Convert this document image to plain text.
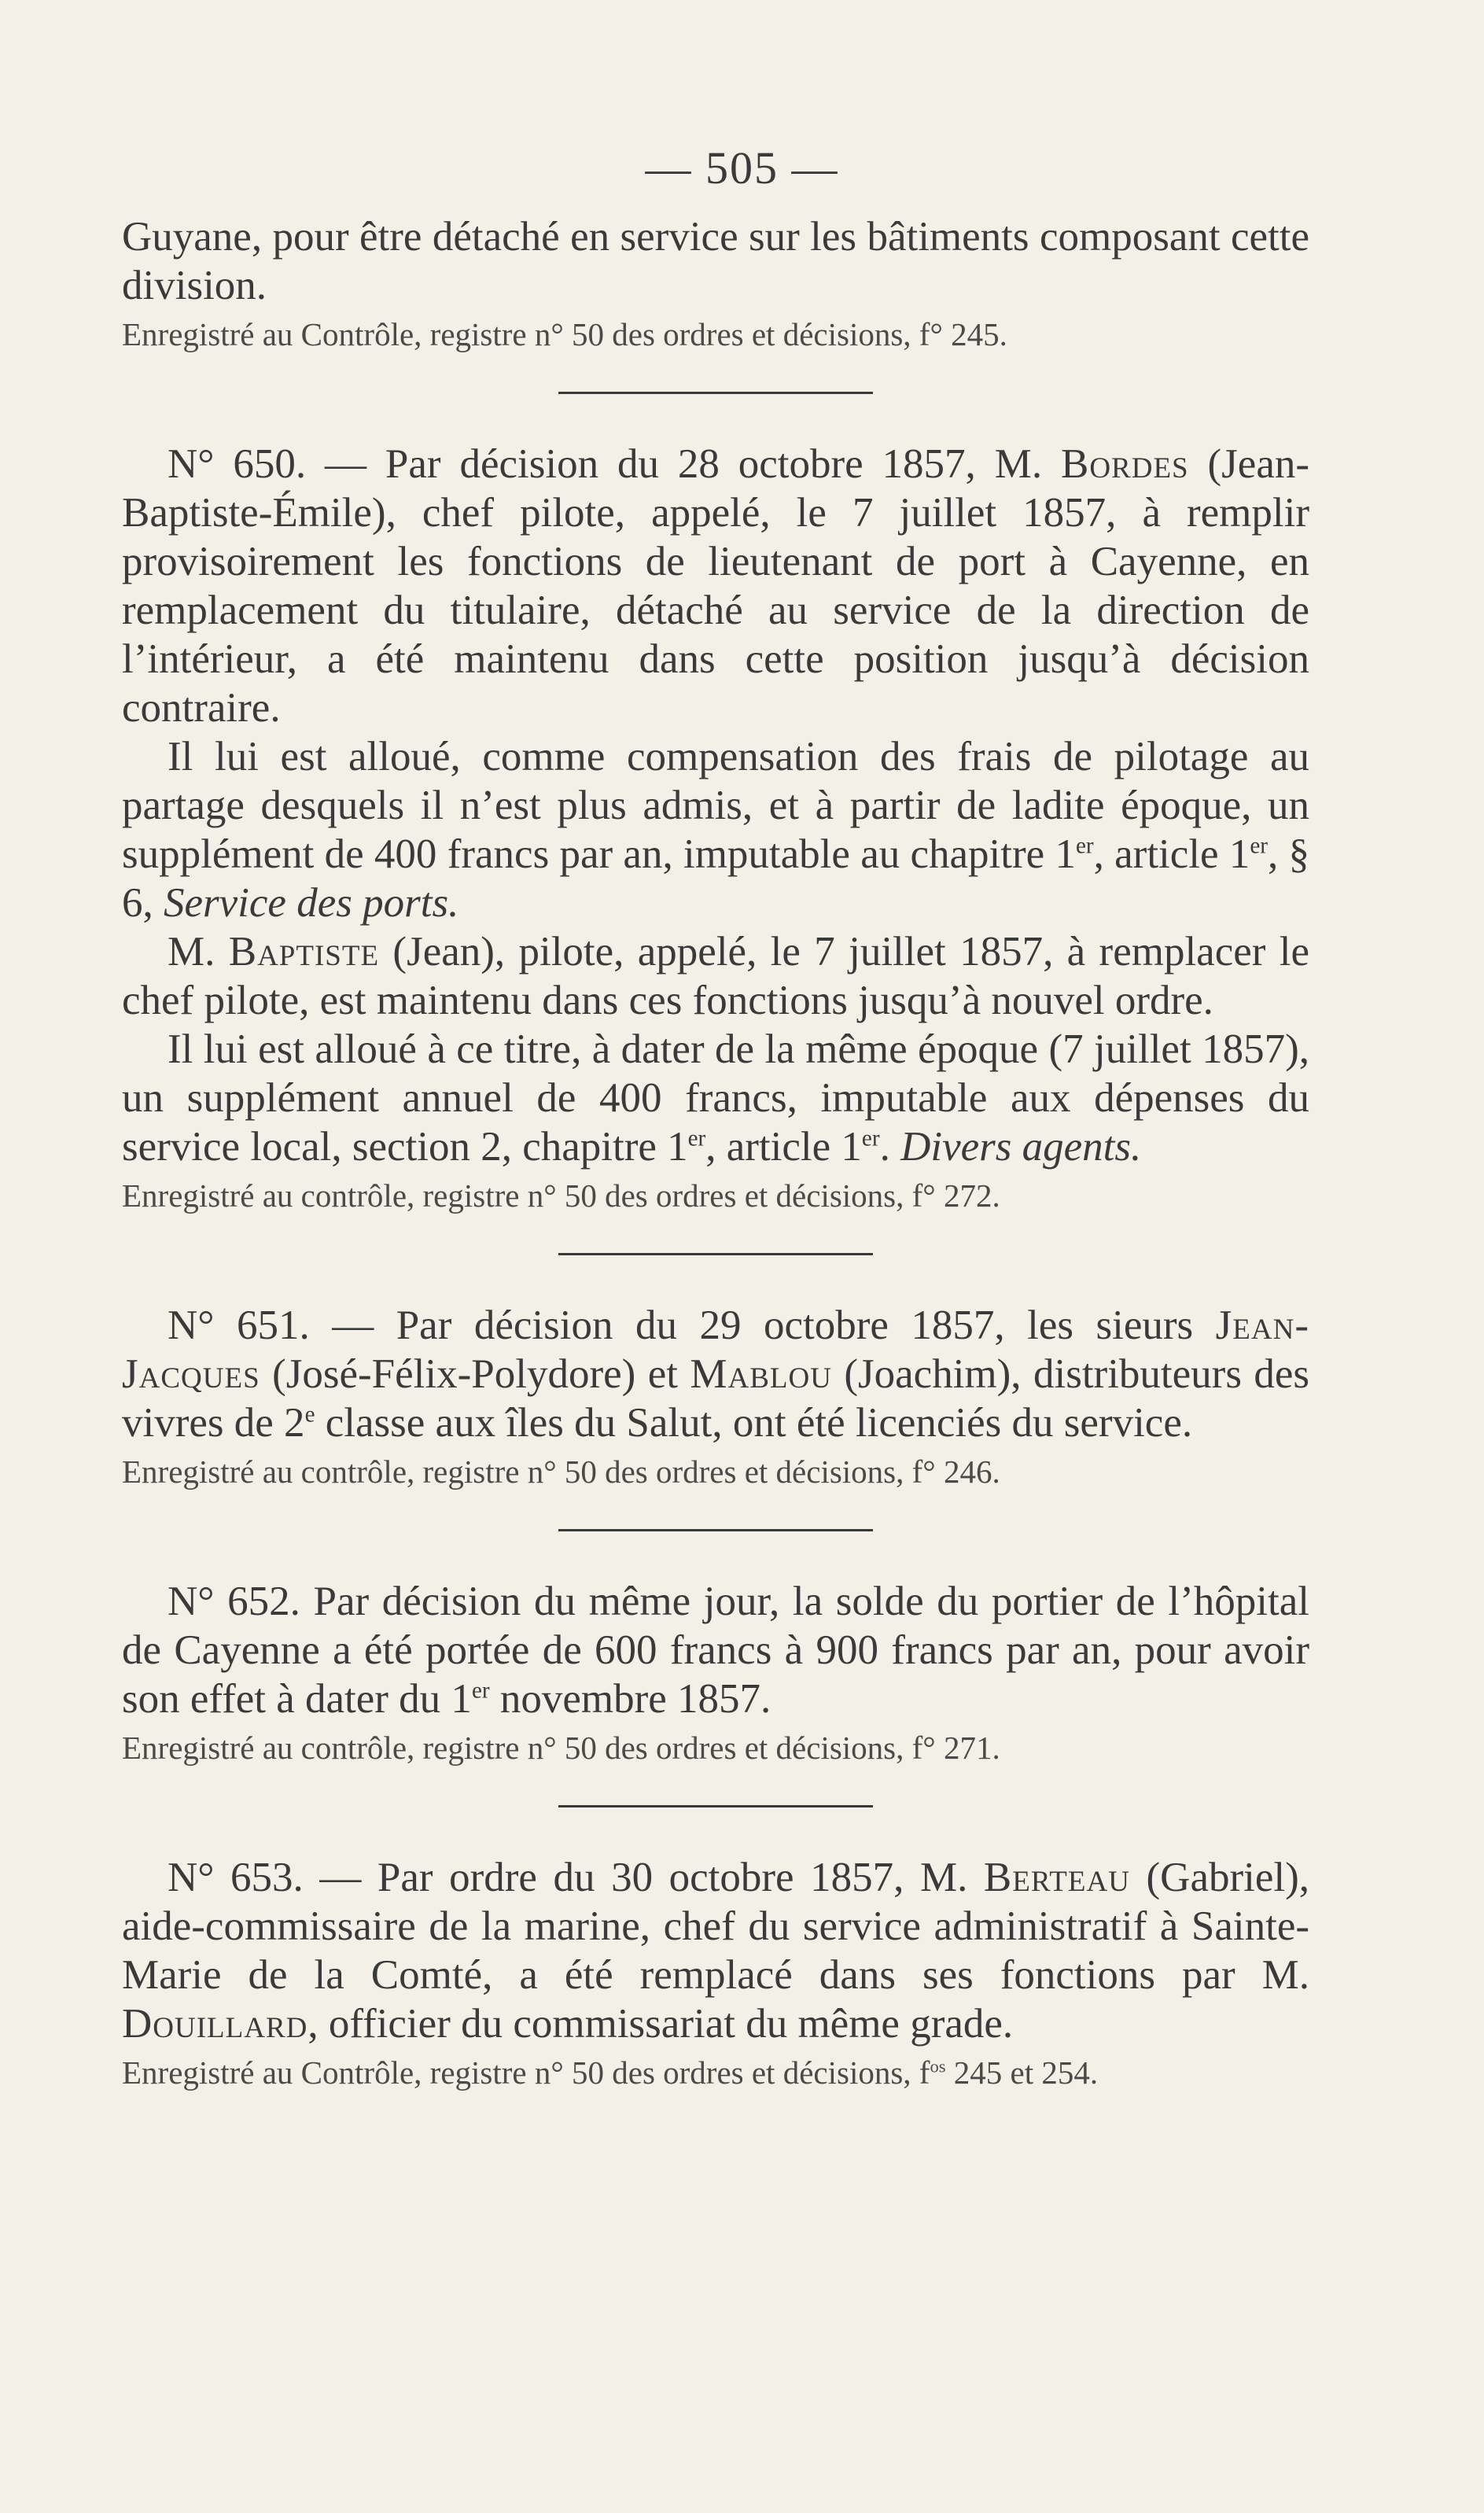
— 505 —

Guyane, pour être détaché en service sur les bâtiments composant cette division.

Enregistré au Contrôle, registre n° 50 des ordres et décisions, f° 245.

N° 650. — Par décision du 28 octobre 1857, M. Bordes (Jean-Baptiste-Émile), chef pilote, appelé, le 7 juillet 1857, à remplir provisoirement les fonctions de lieutenant de port à Cayenne, en remplacement du titulaire, détaché au service de la direction de l’intérieur, a été maintenu dans cette position jusqu’à décision contraire.

Il lui est alloué, comme compensation des frais de pilotage au partage desquels il n’est plus admis, et à partir de ladite époque, un supplément de 400 francs par an, imputable au chapitre 1er, article 1er, § 6, Service des ports.

M. Baptiste (Jean), pilote, appelé, le 7 juillet 1857, à remplacer le chef pilote, est maintenu dans ces fonctions jusqu’à nouvel ordre.

Il lui est alloué à ce titre, à dater de la même époque (7 juillet 1857), un supplément annuel de 400 francs, imputable aux dépenses du service local, section 2, chapitre 1er, article 1er. Divers agents.

Enregistré au contrôle, registre n° 50 des ordres et décisions, f° 272.

N° 651. — Par décision du 29 octobre 1857, les sieurs Jean-Jacques (José-Félix-Polydore) et Mablou (Joachim), distributeurs des vivres de 2e classe aux îles du Salut, ont été licenciés du service.

Enregistré au contrôle, registre n° 50 des ordres et décisions, f° 246.

N° 652. Par décision du même jour, la solde du portier de l’hôpital de Cayenne a été portée de 600 francs à 900 francs par an, pour avoir son effet à dater du 1er novembre 1857.

Enregistré au contrôle, registre n° 50 des ordres et décisions, f° 271.

N° 653. — Par ordre du 30 octobre 1857, M. Berteau (Gabriel), aide-commissaire de la marine, chef du service administratif à Sainte-Marie de la Comté, a été remplacé dans ses fonctions par M. Douillard, officier du commissariat du même grade.

Enregistré au Contrôle, registre n° 50 des ordres et décisions, $f^{os}$ 245 et 254.
